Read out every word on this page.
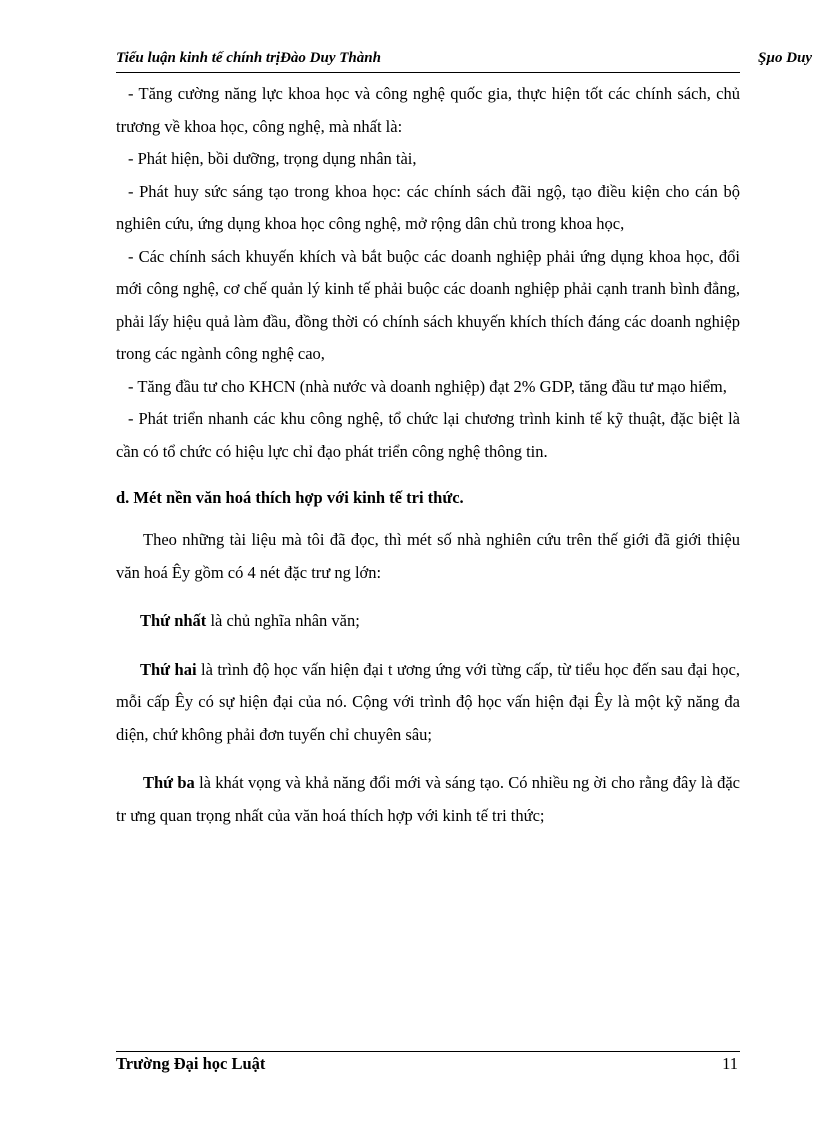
Tiểu luận kinh tế chính trịĐào Duy Thành	Şµo Duy

- Tăng cường năng lực khoa học và công nghệ quốc gia, thực hiện tốt các chính sách, chủ trương về khoa học, công nghệ, mà nhất là:

- Phát hiện, bồi dưỡng, trọng dụng nhân tài,

- Phát huy sức sáng tạo trong khoa học: các chính sách đãi ngộ, tạo điều kiện cho cán bộ nghiên cứu, ứng dụng khoa học công nghệ, mở rộng dân chủ trong khoa học,

- Các chính sách khuyến khích và bắt buộc các doanh nghiệp phải ứng dụng khoa học, đổi mới công nghệ, cơ chế quản lý kinh tế phải buộc các doanh nghiệp phải cạnh tranh bình đẳng, phải lấy hiệu quả làm đầu, đồng thời có chính sách khuyến khích thích đáng các doanh nghiệp trong các ngành công nghệ cao,

- Tăng đầu tư cho KHCN (nhà nước và doanh nghiệp) đạt 2% GDP, tăng đầu tư mạo hiểm,

- Phát triển nhanh các khu công nghệ, tổ chức lại chương trình kinh tế kỹ thuật, đặc biệt là cần có tổ chức có hiệu lực chỉ đạo phát triển công nghệ thông tin.

d. Mét nền văn hoá thích hợp với kinh tế tri thức.

Theo những tài liệu mà tôi đã đọc, thì mét số nhà nghiên cứu trên thế giới đã giới thiệu văn hoá Êy gồm có 4 nét đặc trư ng lớn:

Thứ nhất là chủ nghĩa nhân văn;

Thứ hai là trình độ học vấn hiện đại t ương ứng với từng cấp, từ tiểu học đến sau đại học, mỗi cấp Êy có sự hiện đại của nó. Cộng với trình độ học vấn hiện đại Êy là một kỹ năng đa diện, chứ không phải đơn tuyến chỉ chuyên sâu;

Thứ ba là khát vọng và khả năng đổi mới và sáng tạo. Có nhiều ng ời cho rằng đây là đặc tr ưng quan trọng nhất của văn hoá thích hợp với kinh tế tri thức;

Trường Đại học Luật	11
